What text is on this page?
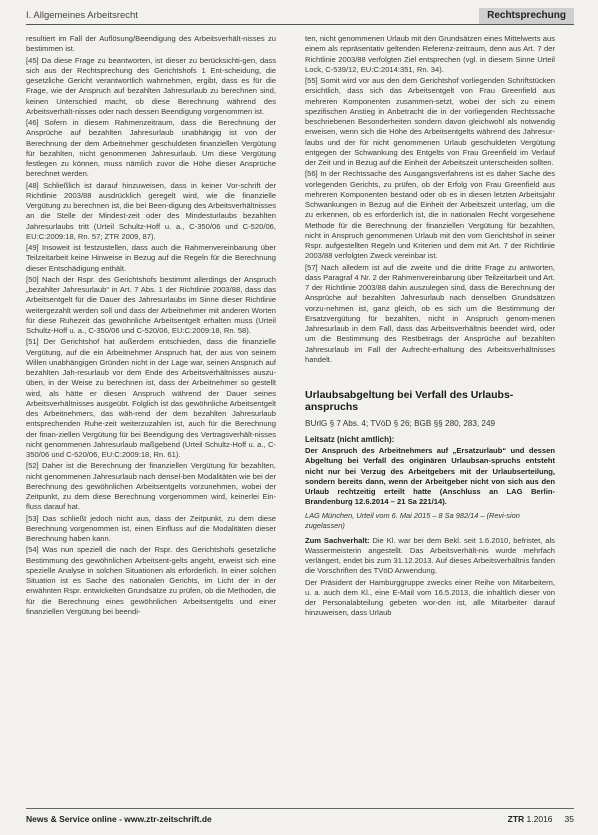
I. Allgemeines Arbeitsrecht	Rechtsprechung

resultiert im Fall der Auflösung/Beendigung des Arbeitsverhält-nisses zu bestimmen ist.

[45] Da diese Frage zu beantworten, ist dieser zu berücksichti-gen, dass sich aus der Rechtsprechung des Gerichtshofs 1 Ent-scheidung, die gesetzliche Gericht verantwortlich wahrnehmen, ergibt, dass es für die Frage, wie der Anspruch auf bezahlten Jahresurlaub zu berechnen sind, keinen Unterschied macht, ob diese Berechnung während des Arbeitsverhält-nisses oder nach dessen Beendigung vorgenommen ist.

[46] Sofern in diesem Rahmenzeitraum, dass die Berechnung der Ansprüche auf bezahlten Jahresurlaub unabhängig ist von der Berechnung der dem Arbeitnehmer geschuldeten finanziellen Vergütung für bezahlten, nicht genommenen Jahresurlaub. Um diese Vergütung festlegen zu können, muss nämlich zuvor die Höhe dieser Ansprüche berechnet werden.

[48] Schließlich ist darauf hinzuweisen, dass in keiner Vor-schrift der Richtlinie 2003/88 ausdrücklich geregelt wird, wie die finanzielle Vergütung zu berechnen ist, die bei Been-digung des Arbeitsverhältnisses an die Stelle der Mindest-zeit oder des Mindesturlaubs bezahlten Jahresurlaubs tritt (Urteil Schultz-Hoff u. a., C-350/06 und C-520/06, EU:C:2009:18, Rn. 57; ZTR 2009, 87).

[49] Insoweit ist festzustellen, dass auch die Rahmenvereinbarung über Teilzeitarbeit keine Hinweise in Bezug auf die Regeln für die Berechnung dieser Entschädigung enthält.

[50] Nach der Rspr. des Gerichtshofs bestimmt allerdings der Anspruch „bezahlter Jahresurlaub“ in Art. 7 Abs. 1 der Richtlinie 2003/88, dass das Arbeitsentgelt für die Dauer des Jahresurlaubs im Sinne dieser Richtlinie weitergezahlt werden soll und dass der Arbeitnehmer mit anderen Worten für diese Ruhezeit das gewöhnliche Arbeitsentgelt erhalten muss (Urteil Schultz-Hoff u. a., C-350/06 und C-520/06, EU:C:2009:18, Rn. 58).

[51] Der Gerichtshof hat außerdem entschieden, dass die finanzielle Vergütung, auf die ein Arbeitnehmer Anspruch hat, der aus von seinem Willen unabhängigen Gründen nicht in der Lage war, seinen Anspruch auf bezahlten Jah-resurlaub vor dem Ende des Arbeitsverhältnisses auszu-üben, in der Weise zu berechnen ist, dass der Arbeitnehmer so gestellt wird, als hätte er diesen Anspruch während der Dauer seines Arbeitsverhältnisses ausgeübt. Folglich ist das gewöhnliche Arbeitsentgelt des Arbeitnehmers, das wäh-rend der dem bezahlten Jahresurlaub entsprechenden Ruhe-zeit weiterzuzahlen ist, auch für die Berechnung der finan-ziellen Vergütung für bei Beendigung des Vertragsverhält-nisses nicht genommenen Jahresurlaub maßgebend (Urteil Schultz-Hoff u. a., C-350/06 und C-520/06, EU:C:2009:18, Rn. 61).

[52] Daher ist die Berechnung der finanziellen Vergütung für bezahlten, nicht genommenen Jahresurlaub nach densel-ben Modalitäten wie bei der Berechnung des gewöhnlichen Arbeitsentgelts vorzunehmen, wobei der Zeitpunkt, zu dem diese Berechnung vorgenommen wird, keinerlei Ein-fluss darauf hat.

[53] Das schließt jedoch nicht aus, dass der Zeitpunkt, zu dem diese Berechnung vorgenommen ist, einen Einfluss auf die Modalitäten dieser Berechnung haben kann.

[54] Was nun speziell die nach der Rspr. des Gerichtshofs gesetzliche Bestimmung des gewöhnlichen Arbeitsent-gelts angeht, erweist sich eine spezielle Analyse in solchen Situationen als erforderlich. In einer solchen Situation ist es Sache des nationalen Gerichts, im Licht der in der erwähnten Rspr. entwickelten Grundsätze zu prüfen, ob die Methoden, die für die Berechnung eines gewöhnlichen Arbeitsentgelts und einer finanziellen Vergütung bei beendi-

ten, nicht genommenen Urlaub mit den Grundsätzen eines Mittelwerts aus einem als repräsentativ geltenden Referenz-zeitraum, denn aus Art. 7 der Richtlinie 2003/88 verfolgten Ziel entsprechen (vgl. in diesem Sinne Urteil Lock, C-539/12, EU:C:2014:351, Rn. 34).

[55] Somit wird vor aus den dem Gerichtshof vorliegenden Schriftstücken ersichtlich, dass sich das Arbeitsentgelt von Frau Greenfield aus mehreren Komponenten zusammen-setzt, wobei der sich zu einem spezifischen Anstieg in Anbetracht die in der vorliegenden Rechtssache beschriebenen Besonderheiten sondern davon gleichwohl als notwendig erweisen, wenn sich die Höhe des Arbeitsentgelts während des Jahresur-laubs und der für nicht genommenen Urlaub geschuldeten Vergütung entgegen der Schwankung des Entgelts von Frau Greenfield im Verlauf der Zeit und in Bezug auf die Einheit der Arbeitszeit unterscheiden sollten.

[56] In der Rechtssache des Ausgangsverfahrens ist es daher Sache des vorlegenden Gerichts, zu prüfen, ob der Erfolg von Frau Greenfield aus mehreren Komponenten bestand oder ob es in diesen letzten Arbeitsjahr Schwankungen in Bezug auf die Einheit der Arbeitszeit unterlag, um die zu erkennen, ob es erforderlich ist, die in nationalen Recht vorgesehene Methode für die Berechnung der finanziellen Vergütung für bezahlten, nicht in Anspruch genommenen Urlaub mit den vom Gerichtshof in seiner Rspr. aufgestellten Regeln und Kriterien und dem mit Art. 7 der Richtlinie 2003/88 verfolgten Zweck vereinbar ist.

[57] Nach alledem ist auf die zweite und die dritte Frage zu antworten, dass Paragraf 4 Nr. 2 der Rahmenvereinbarung über Teilzeitarbeit und Art. 7 der Richtlinie 2003/88 dahin auszulegen sind, dass die Berechnung der Ansprüche auf bezahlten Jahresurlaub nach denselben Grundsätzen vorzu-nehmen ist, ganz gleich, ob es sich um die Bestimmung der Ersatzvergütung für bezahlten, nicht in Anspruch genom-menen Jahresurlaub in dem Fall, dass das Arbeitsverhältnis beendet wird, oder um die Bestimmung des Restbetrags der Ansprüche auf bezahlten Jahresurlaub im Fall der Aufrecht-erhaltung des Arbeitsverhältnisses handelt.

Urlaubsabgeltung bei Verfall des Urlaubs-anspruchs
BUrlG § 7 Abs. 4; TVöD § 26; BGB §§ 280, 283, 249
Leitsatz (nicht amtlich):

Der Anspruch des Arbeitnehmers auf „Ersatzurlaub“ und dessen Abgeltung bei Verfall des originären Urlaubsan-spruchs entsteht nicht nur bei Verzug des Arbeitgebers mit der Urlaubserteilung, sondern bereits dann, wenn der Arbeitgeber nicht von sich aus den Urlaub rechtzeitig erteilt hatte (Anschluss an LAG Berlin-Brandenburg 12.6.2014 – 21 Sa 221/14).

LAG München, Urteil vom 6. Mai 2015 – 8 Sa 982/14 – (Revi-sion zugelassen)

Zum Sachverhalt: Die Kl. war bei dem Bekl. seit 1.6.2010, befristet, als Wassermeisterin angestellt. Das Arbeitsverhält-nis wurde mehrfach verlängert, endet bis zum 31.12.2013. Auf dieses Arbeitsverhältnis fanden die Vorschriften des TVöD Anwendung.

Der Präsident der Hamburggruppe zwecks einer Reihe von Mitarbeitern, u. a. auch dem Kl., eine E-Mail vom 16.5.2013, die inhaltlich dieser von der Personalabteilung gebeten wor-den ist, alle Mitarbeiter darauf hinzuweisen, dass Urlaub

News & Service online - www.ztr-zeitschrift.de	ZTR 1.2016 35
